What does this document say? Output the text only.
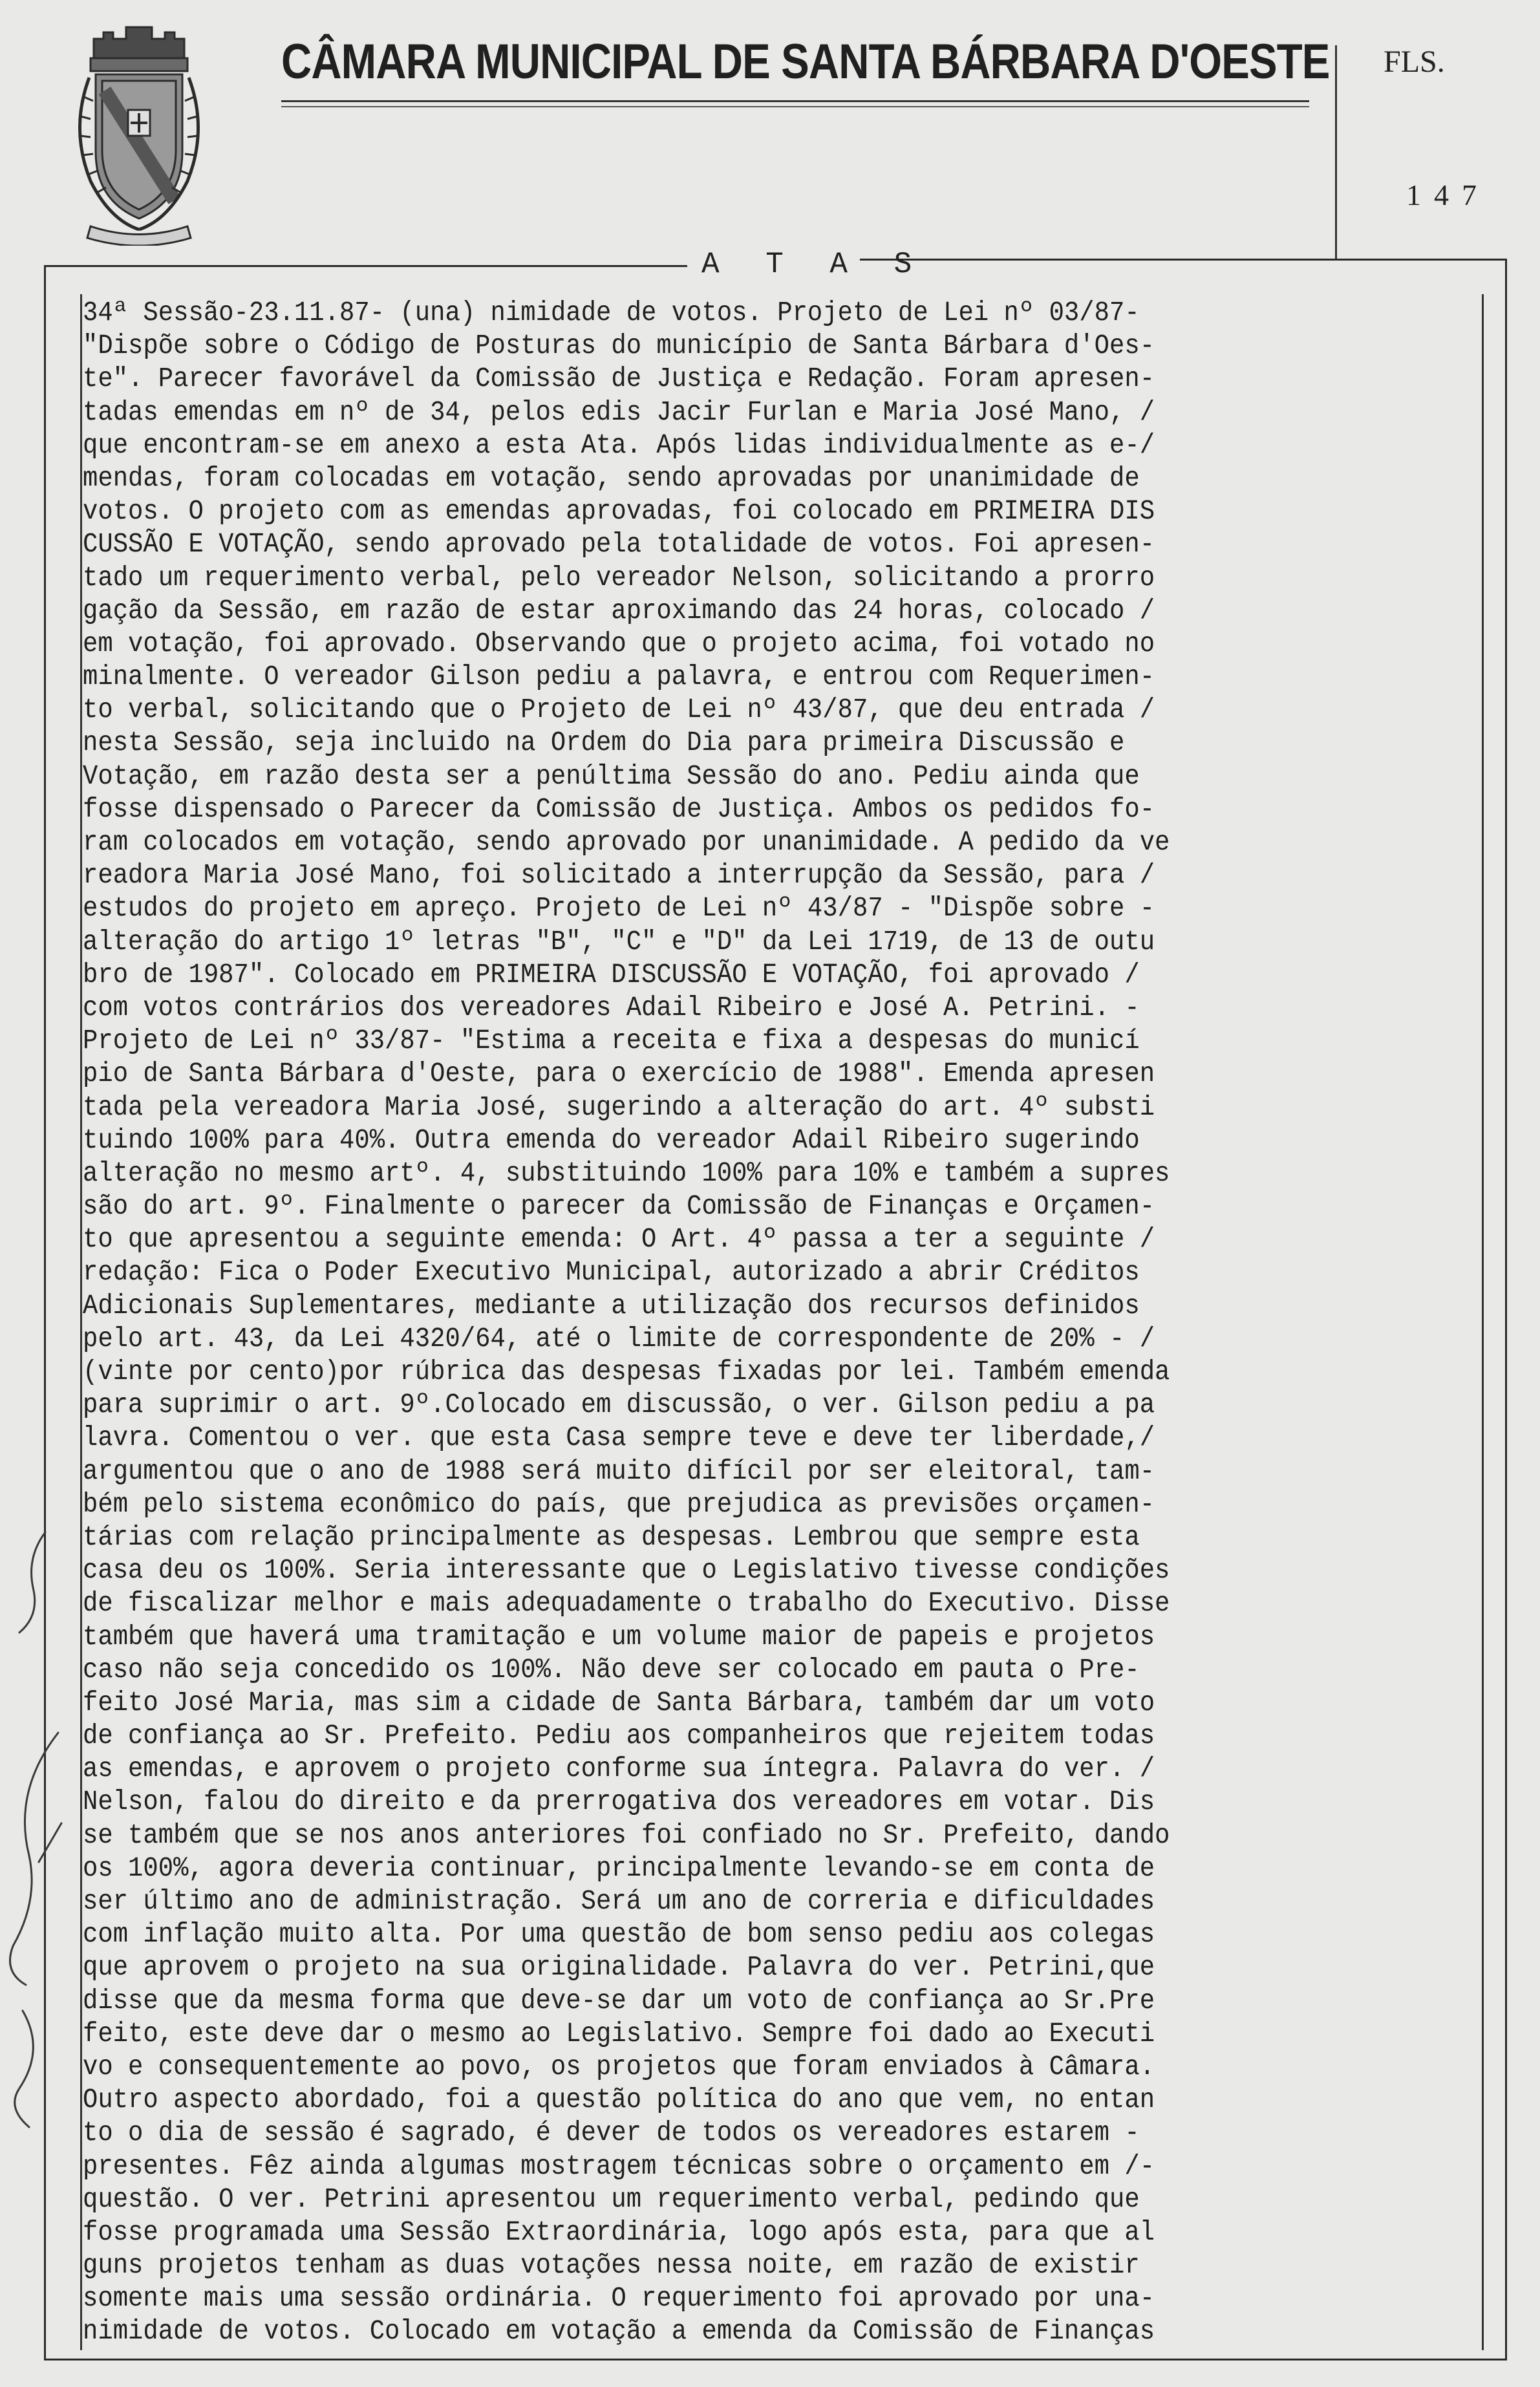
CÂMARA MUNICIPAL DE SANTA BÁRBARA D'OESTE FLS.
147
A T A S
34ª Sessão-23.11.87- (una) nimidade de votos. Projeto de Lei nº 03/87-
"Dispõe sobre o Código de Posturas do município de Santa Bárbara d'Oes-
te". Parecer favorável da Comissão de Justiça e Redação. Foram apresen-
tadas emendas em nº de 34, pelos edis Jacir Furlan e Maria José Mano, /
que encontram-se em anexo a esta Ata. Após lidas individualmente as e-/
mendas, foram colocadas em votação, sendo aprovadas por unanimidade de
votos. O projeto com as emendas aprovadas, foi colocado em PRIMEIRA DIS
CUSSÃO E VOTAÇÃO, sendo aprovado pela totalidade de votos. Foi apresen-
tado um requerimento verbal, pelo vereador Nelson, solicitando a prorro
gação da Sessão, em razão de estar aproximando das 24 horas, colocado /
em votação, foi aprovado. Observando que o projeto acima, foi votado no
minalmente. O vereador Gilson pediu a palavra, e entrou com Requerimen-
to verbal, solicitando que o Projeto de Lei nº 43/87, que deu entrada /
nesta Sessão, seja incluido na Ordem do Dia para primeira Discussão e
Votação, em razão desta ser a penúltima Sessão do ano. Pediu ainda que
fosse dispensado o Parecer da Comissão de Justiça. Ambos os pedidos fo-
ram colocados em votação, sendo aprovado por unanimidade. A pedido da ve
readora Maria José Mano, foi solicitado a interrupção da Sessão, para /
estudos do projeto em apreço. Projeto de Lei nº 43/87 - "Dispõe sobre -
alteração do artigo 1º letras "B", "C" e "D" da Lei 1719, de 13 de outu
bro de 1987". Colocado em PRIMEIRA DISCUSSÃO E VOTAÇÃO, foi aprovado /
com votos contrários dos vereadores Adail Ribeiro e José A. Petrini. -
Projeto de Lei nº 33/87- "Estima a receita e fixa a despesas do municí
pio de Santa Bárbara d'Oeste, para o exercício de 1988". Emenda apresen
tada pela vereadora Maria José, sugerindo a alteração do art. 4º substi
tuindo 100% para 40%. Outra emenda do vereador Adail Ribeiro sugerindo
alteração no mesmo artº. 4, substituindo 100% para 10% e também a supres
são do art. 9º. Finalmente o parecer da Comissão de Finanças e Orçamen-
to que apresentou a seguinte emenda: O Art. 4º passa a ter a seguinte /
redação: Fica o Poder Executivo Municipal, autorizado a abrir Créditos
Adicionais Suplementares, mediante a utilização dos recursos definidos
pelo art. 43, da Lei 4320/64, até o limite de correspondente de 20% - /
(vinte por cento)por rúbrica das despesas fixadas por lei. Também emenda
para suprimir o art. 9º.Colocado em discussão, o ver. Gilson pediu a pa
lavra. Comentou o ver. que esta Casa sempre teve e deve ter liberdade,/
argumentou que o ano de 1988 será muito difícil por ser eleitoral, tam-
bém pelo sistema econômico do país, que prejudica as previsões orçamen-
tárias com relação principalmente as despesas. Lembrou que sempre esta
casa deu os 100%. Seria interessante que o Legislativo tivesse condições
de fiscalizar melhor e mais adequadamente o trabalho do Executivo. Disse
também que haverá uma tramitação e um volume maior de papeis e projetos
caso não seja concedido os 100%. Não deve ser colocado em pauta o Pre-
feito José Maria, mas sim a cidade de Santa Bárbara, também dar um voto
de confiança ao Sr. Prefeito. Pediu aos companheiros que rejeitem todas
as emendas, e aprovem o projeto conforme sua íntegra. Palavra do ver. /
Nelson, falou do direito e da prerrogativa dos vereadores em votar. Dis
se também que se nos anos anteriores foi confiado no Sr. Prefeito, dando
os 100%, agora deveria continuar, principalmente levando-se em conta de
ser último ano de administração. Será um ano de correria e dificuldades
com inflação muito alta. Por uma questão de bom senso pediu aos colegas
que aprovem o projeto na sua originalidade. Palavra do ver. Petrini,que
disse que da mesma forma que deve-se dar um voto de confiança ao Sr.Pre
feito, este deve dar o mesmo ao Legislativo. Sempre foi dado ao Executi
vo e consequentemente ao povo, os projetos que foram enviados à Câmara.
Outro aspecto abordado, foi a questão política do ano que vem, no entan
to o dia de sessão é sagrado, é dever de todos os vereadores estarem -
presentes. Fêz ainda algumas mostragem técnicas sobre o orçamento em /-
questão. O ver. Petrini apresentou um requerimento verbal, pedindo que
fosse programada uma Sessão Extraordinária, logo após esta, para que al
guns projetos tenham as duas votações nessa noite, em razão de existir
somente mais uma sessão ordinária. O requerimento foi aprovado por una-
nimidade de votos. Colocado em votação a emenda da Comissão de Finanças
